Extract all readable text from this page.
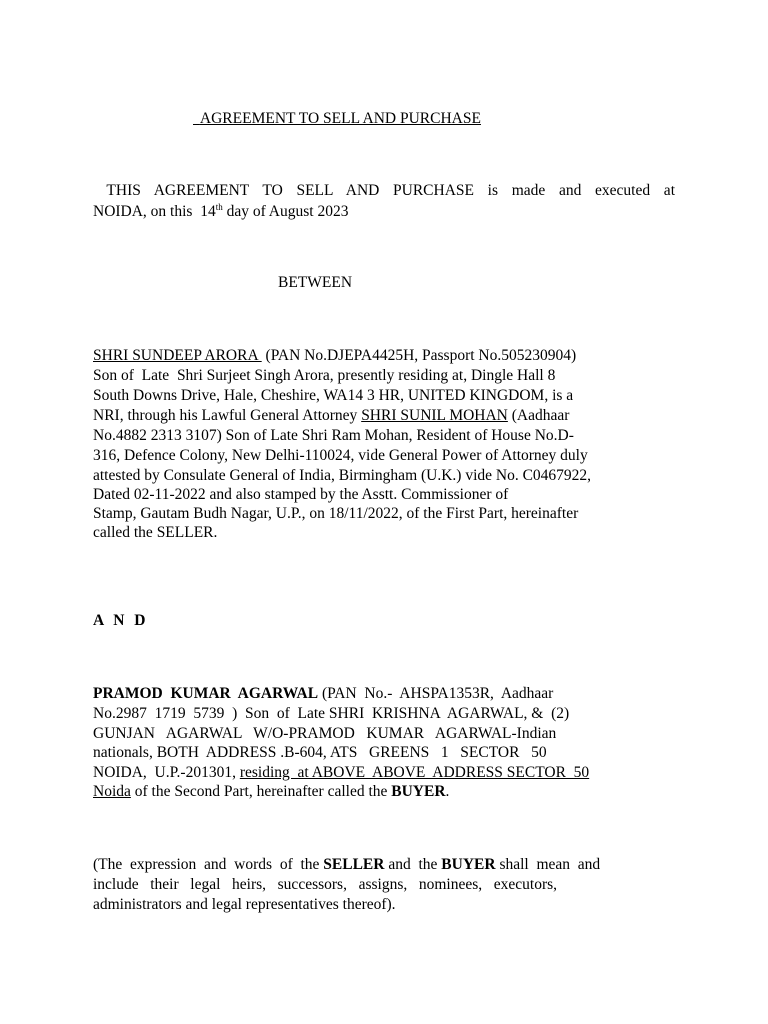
AGREEMENT TO SELL AND PURCHASE
THIS AGREEMENT TO SELL AND PURCHASE is made and executed at
NOIDA, on this  14th day of August 2023
BETWEEN
SHRI SUNDEEP ARORA  (PAN No.DJEPA4425H, Passport No.505230904)
Son of  Late  Shri Surjeet Singh Arora, presently residing at, Dingle Hall 8
South Downs Drive, Hale, Cheshire, WA14 3 HR, UNITED KINGDOM, is a
NRI, through his Lawful General Attorney SHRI SUNIL MOHAN (Aadhaar
No.4882 2313 3107) Son of Late Shri Ram Mohan, Resident of House No.D-
316, Defence Colony, New Delhi-110024, vide General Power of Attorney duly
attested by Consulate General of India, Birmingham (U.K.) vide No. C0467922,
Dated 02-11-2022 and also stamped by the Asstt. Commissioner of
Stamp, Gautam Budh Nagar, U.P., on 18/11/2022, of the First Part, hereinafter
called the SELLER.
A N D
PRAMOD  KUMAR  AGARWAL (PAN  No.-  AHSPA1353R,  Aadhaar
No.2987  1719  5739  )  Son  of  Late SHRI  KRISHNA  AGARWAL, &  (2)
GUNJAN   AGARWAL   W/O-PRAMOD   KUMAR   AGARWAL-Indian
nationals, BOTH  ADDRESS .B-604, ATS   GREENS   1   SECTOR   50
NOIDA,  U.P.-201301, residing  at ABOVE  ABOVE  ADDRESS SECTOR  50
Noida of the Second Part, hereinafter called the BUYER.
(The  expression  and  words  of  the SELLER and  the BUYER shall  mean  and
include   their   legal   heirs,   successors,   assigns,   nominees,   executors,
administrators and legal representatives thereof).
